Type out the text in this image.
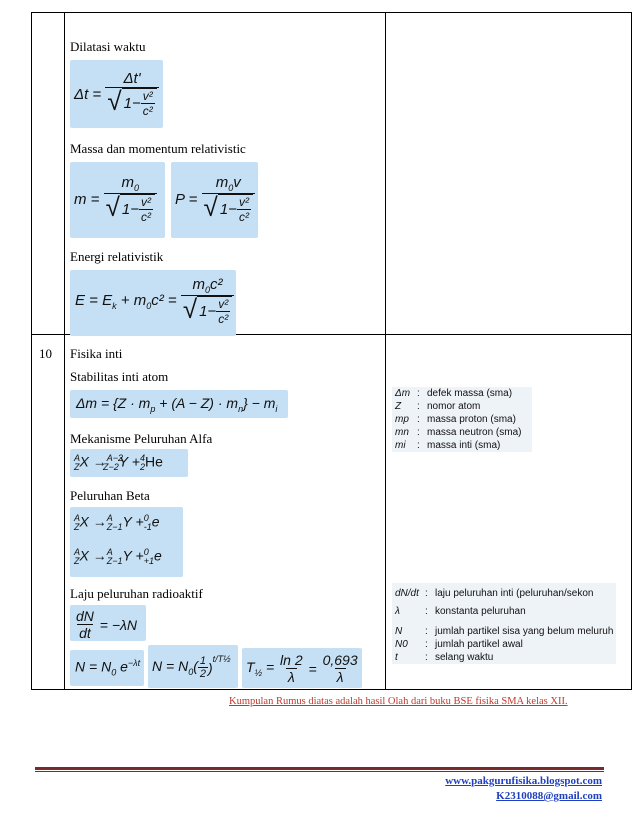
Dilatasi waktu
$\Delta t = \frac{\Delta t'}{√ 1- \frac{\text{v²}}{\text{c²}}}$
Massa dan momentum relativistic
$m = \frac{m_0}{√ 1- \frac{\text{v²}}{\text{c²}}}$ $P = \frac{m_0v}{√ 1- \frac{\text{v²}}{\text{c²}}}$
Energi relativistik
$E = E_k + m_0c^2 = \frac{m_0c^2}{√ 1- \frac{\text{v²}}{\text{c²}}}$
10 Fisika inti
Stabilitas inti atom
$\Delta m = \{Z \cdot m_p + (A - Z) \cdot m_n\} - m_i$
Mekanisme Peluruhan Alfa
$^A_Z$X →$^{A-2}_{Z-2}$Y +$^4_2$He
Peluruhan Beta
$^A_Z$X →$^A_{Z-1}$Y +$^0_{-1}$e
$^A_Z$X →$^A_{Z-1}$Y +$^0_{+1}$e
Laju peluruhan radioaktif
$\frac{dN}{dt} = -\lambda N$
$N = N_0$ $e^{-\lambda t}$ $N = N_0( \frac{1}{2}$ )
$^{t/T\frac{1}{2}}$
$T_{\frac{1}{2}} = \frac{\ln 2}{\lambda} = \frac{0,693}{\lambda}$
Δm : defek massa (sma)
Z	: nomor atom
mp : massa proton (sma)
mn : massa neutron (sma)
mi	: massa inti (sma)
dN/dt : laju peluruhan inti (peluruhan/sekon
λ	: konstanta peluruhan
N	: jumlah partikel sisa yang belum meluruh
N0	: jumlah partikel awal
t	: selang waktu
Kumpulan Rumus diatas adalah hasil Olah dari buku BSE fisika SMA kelas XII.
www.pakgurufisika.blogspot.com
K2310088@gmail.com
